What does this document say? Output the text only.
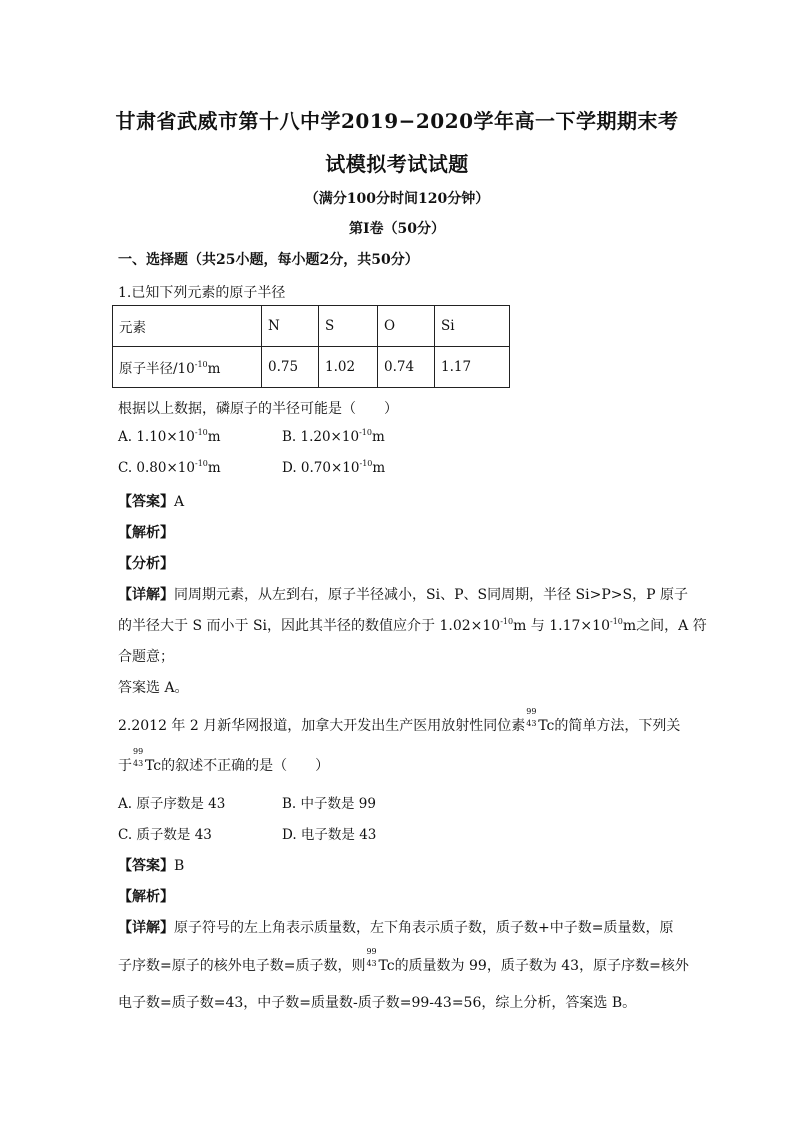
甘肃省武威市第十八中学2019−2020学年高一下学期期末考
试模拟考试试题
（满分100分时间120分钟）
第Ⅰ卷（50分）
一、选择题（共25小题，每小题2分，共50分）
1.已知下列元素的原子半径
元素	N	S	O	Si
原子半径$/10^{-10}m$	0.75	1.02	0.74	1.17
根据以上数据，磷原子的半径可能是（　　）
A. $1.10\times 10^{-10}m$	B. $1.20\times 10^{-10}m$
C. $0.80\times 10^{-10}m$	D. $0.70\times 10^{-10}m$
【答案】A
【解析】
【分析】
【详解】同周期元素，从左到右，原子半径减小，Si、P、S同周期，半径 Si>P>S，P 原子
的半径大于 S 而小于 Si，因此其半径的数值应介于 $1.02\times 10^{-10}m$ 与 $1.17\times 10^{-10}m$之间，A 符
合题意；
答案选 A。
2.2012 年 2 月新华网报道，加拿大开发出生产医用放射性同位素
99
43 Tc的简单方法，下列关
于
99
43 Tc的叙述不正确的是（　　）
A. 原子序数是 43	B. 中子数是 99
C. 质子数是 43	D. 电子数是 43
【答案】B
【解析】
【详解】原子符号的左上角表示质量数，左下角表示质子数，质子数+中子数=质量数，原
子序数=原子的核外电子数=质子数，则
99
43 Tc的质量数为 99，质子数为 43，原子序数=核外
电子数=质子数=43，中子数=质量数-质子数=99-43=56，综上分析，答案选 B。
